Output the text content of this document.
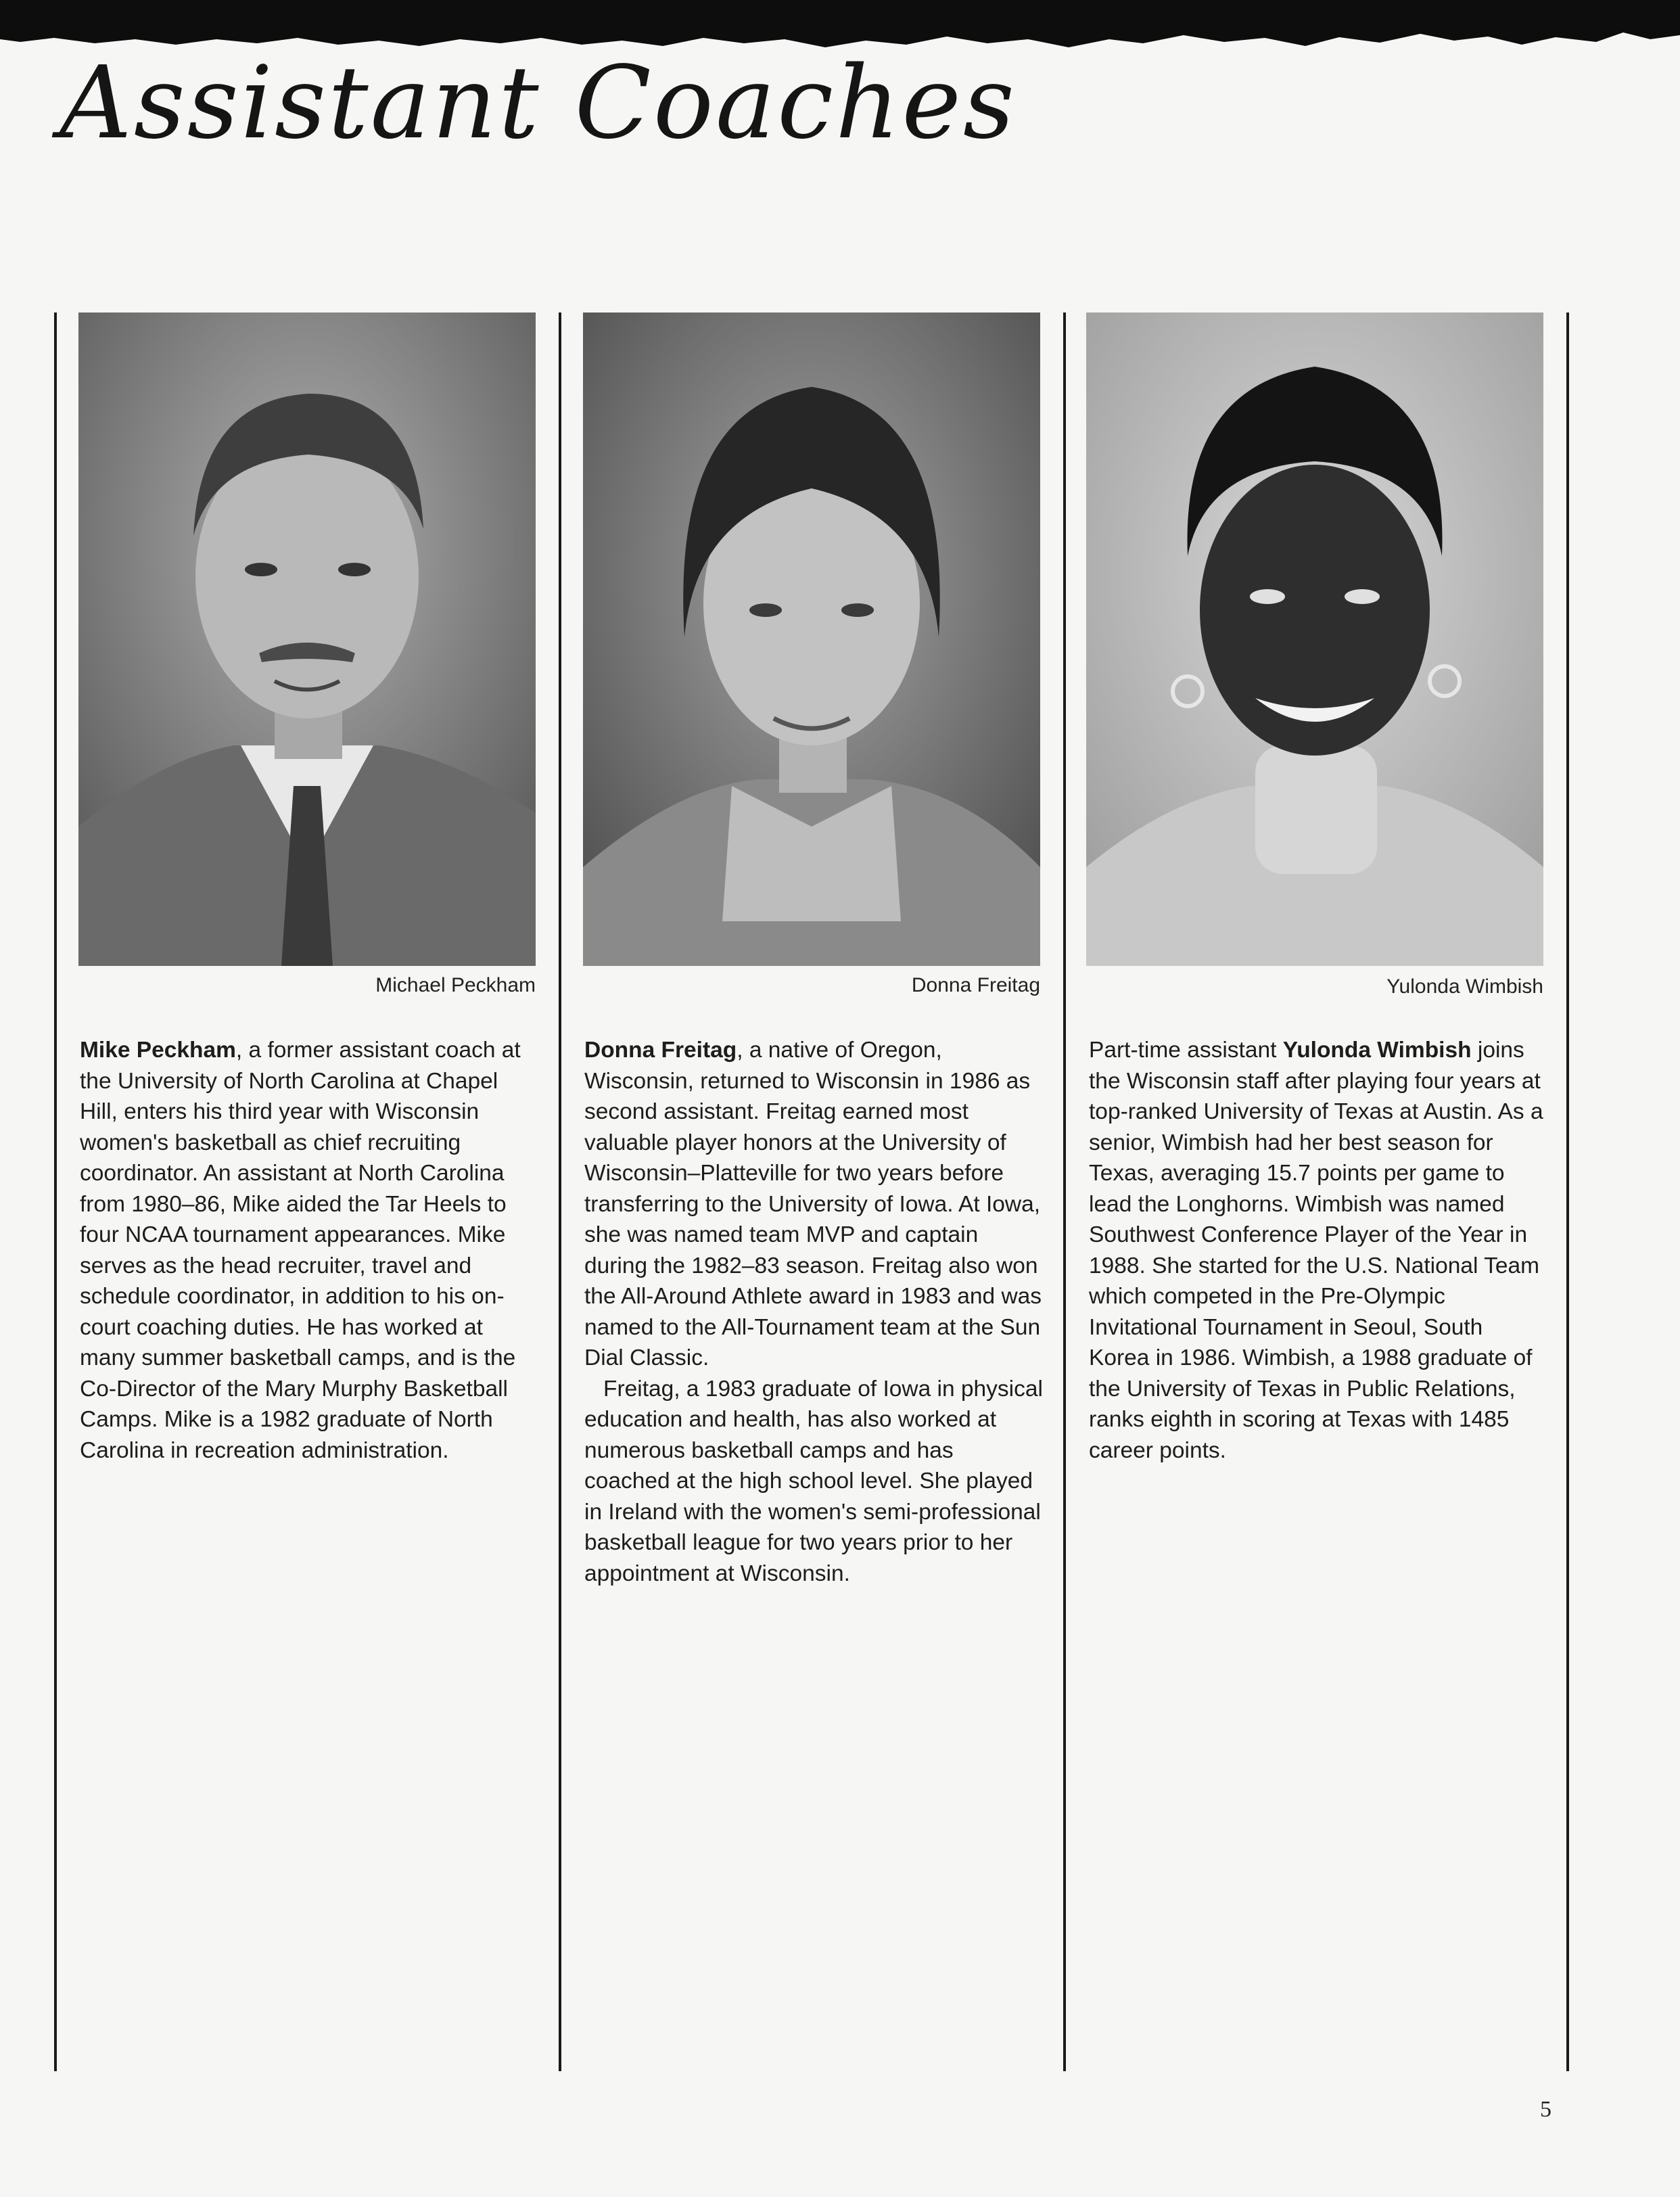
Assistant Coaches
Michael Peckham	Donna Freitag	Yulonda Wimbish

Mike Peckham, a former assistant coach at the University of North Carolina at Chapel Hill, enters his third year with Wisconsin women's basketball as chief recruiting coordinator. An assistant at North Carolina from 1980–86, Mike aided the Tar Heels to four NCAA tournament appearances. Mike serves as the head recruiter, travel and schedule coordinator, in addition to his on-court coaching duties. He has worked at many summer basketball camps, and is the Co-Director of the Mary Murphy Basketball Camps. Mike is a 1982 graduate of North Carolina in recreation administration.

Donna Freitag, a native of Oregon, Wisconsin, returned to Wisconsin in 1986 as second assistant. Freitag earned most valuable player honors at the University of Wisconsin–Platteville for two years before transferring to the University of Iowa. At Iowa, she was named team MVP and captain during the 1982–83 season. Freitag also won the All-Around Athlete award in 1983 and was named to the All-Tournament team at the Sun Dial Classic.

Freitag, a 1983 graduate of Iowa in physical education and health, has also worked at numerous basketball camps and has coached at the high school level. She played in Ireland with the women's semi-professional basketball league for two years prior to her appointment at Wisconsin.

Part-time assistant Yulonda Wimbish joins the Wisconsin staff after playing four years at top-ranked University of Texas at Austin. As a senior, Wimbish had her best season for Texas, averaging 15.7 points per game to lead the Longhorns. Wimbish was named Southwest Conference Player of the Year in 1988. She started for the U.S. National Team which competed in the Pre-Olympic Invitational Tournament in Seoul, South Korea in 1986. Wimbish, a 1988 graduate of the University of Texas in Public Relations, ranks eighth in scoring at Texas with 1485 career points.

5
